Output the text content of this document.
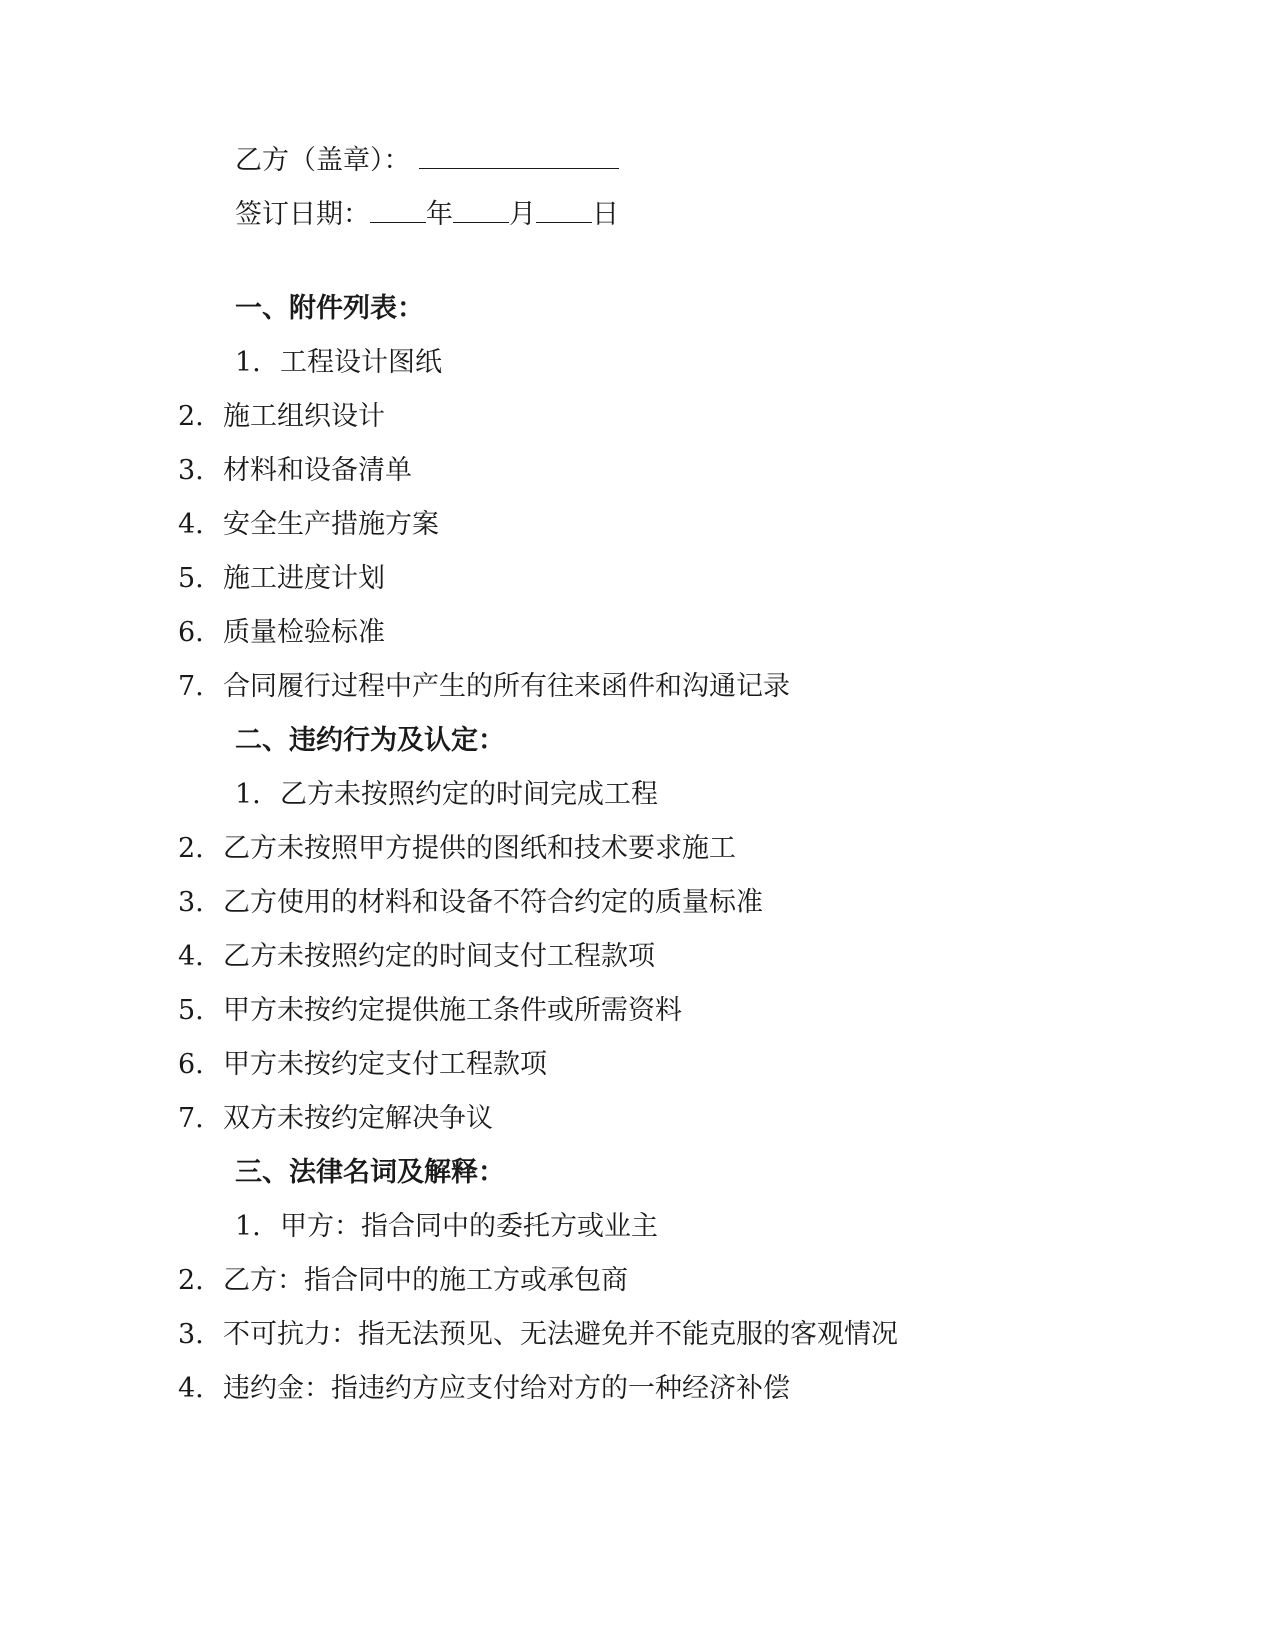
乙方（盖章）：
签订日期： 年 月 日
一、附件列表：
1. 工程设计图纸
2. 施工组织设计
3. 材料和设备清单
4. 安全生产措施方案
5. 施工进度计划
6. 质量检验标准
7. 合同履行过程中产生的所有往来函件和沟通记录
二、违约行为及认定：
1. 乙方未按照约定的时间完成工程
2. 乙方未按照甲方提供的图纸和技术要求施工
3. 乙方使用的材料和设备不符合约定的质量标准
4. 乙方未按照约定的时间支付工程款项
5. 甲方未按约定提供施工条件或所需资料
6. 甲方未按约定支付工程款项
7. 双方未按约定解决争议
三、法律名词及解释：
1. 甲方：指合同中的委托方或业主
2. 乙方：指合同中的施工方或承包商
3. 不可抗力：指无法预见、无法避免并不能克服的客观情况
4. 违约金：指违约方应支付给对方的一种经济补偿
